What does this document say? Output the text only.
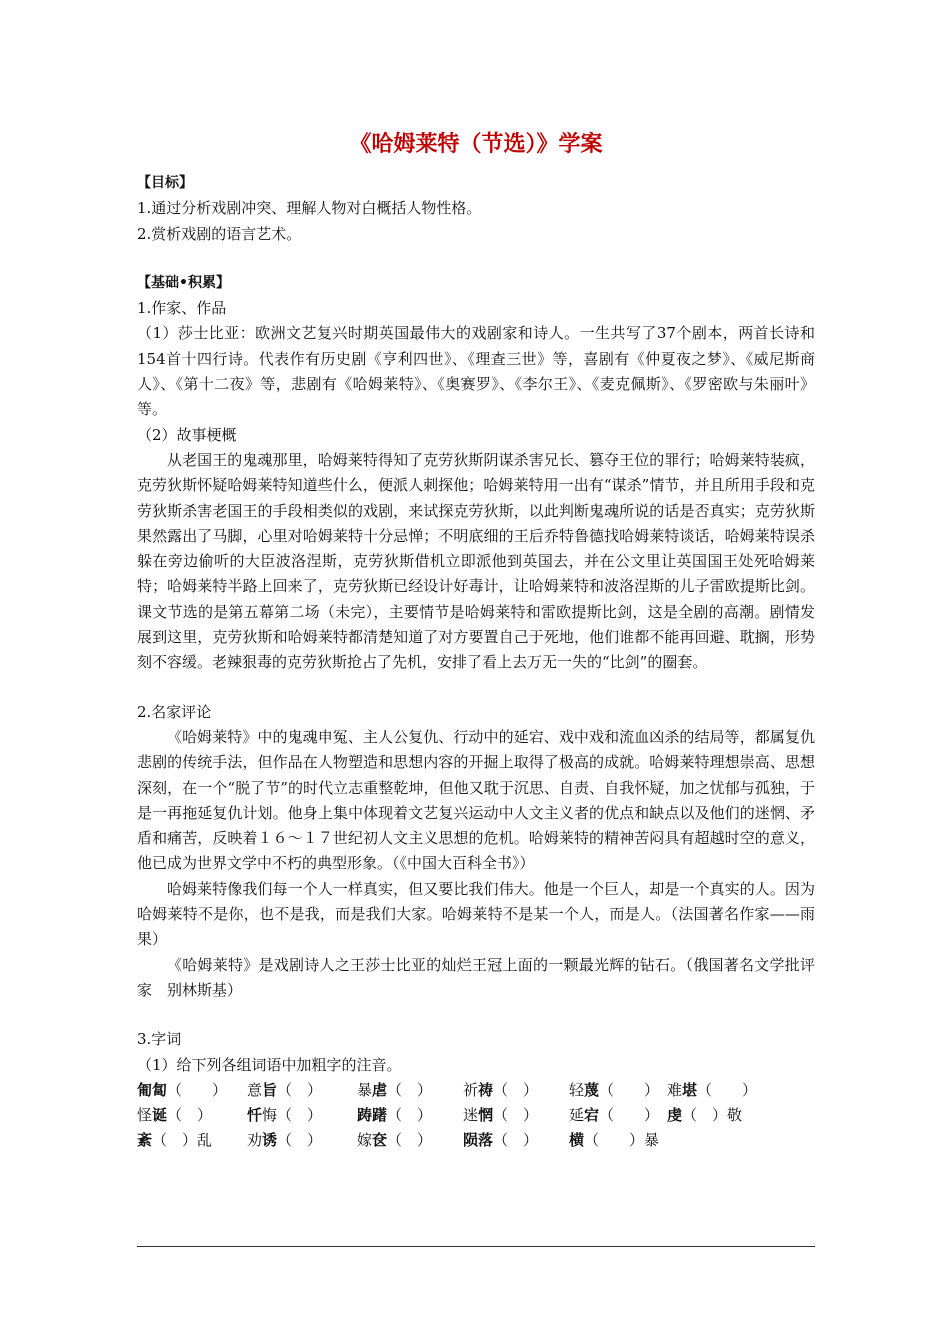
《哈姆莱特（节选）》学案
【目标】

1.通过分析戏剧冲突、理解人物对白概括人物性格。

2.赏析戏剧的语言艺术。

【基础•积累】

1.作家、作品

（1）莎士比亚：欧洲文艺复兴时期英国最伟大的戏剧家和诗人。一生共写了37个剧本，两首长诗和154首十四行诗。代表作有历史剧《亨利四世》、《理查三世》等，喜剧有《仲夏夜之梦》、《威尼斯商人》、《第十二夜》等，悲剧有《哈姆莱特》、《奥赛罗》、《李尔王》、《麦克佩斯》、《罗密欧与朱丽叶》等。

（2）故事梗概

从老国王的鬼魂那里，哈姆莱特得知了克劳狄斯阴谋杀害兄长、篡夺王位的罪行；哈姆莱特装疯，克劳狄斯怀疑哈姆莱特知道些什么，便派人刺探他；哈姆莱特用一出有“谋杀”情节，并且所用手段和克劳狄斯杀害老国王的手段相类似的戏剧，来试探克劳狄斯，以此判断鬼魂所说的话是否真实；克劳狄斯果然露出了马脚，心里对哈姆莱特十分忌惮；不明底细的王后乔特鲁德找哈姆莱特谈话，哈姆莱特误杀躲在旁边偷听的大臣波洛涅斯，克劳狄斯借机立即派他到英国去，并在公文里让英国国王处死哈姆莱特；哈姆莱特半路上回来了，克劳狄斯已经设计好毒计，让哈姆莱特和波洛涅斯的儿子雷欧提斯比剑。课文节选的是第五幕第二场（未完），主要情节是哈姆莱特和雷欧提斯比剑，这是全剧的高潮。剧情发展到这里，克劳狄斯和哈姆莱特都清楚知道了对方要置自己于死地，他们谁都不能再回避、耽搁，形势刻不容缓。老辣狠毒的克劳狄斯抢占了先机，安排了看上去万无一失的“比剑”的圈套。

2.名家评论

《哈姆莱特》中的鬼魂申冤、主人公复仇、行动中的延宕、戏中戏和流血凶杀的结局等，都属复仇悲剧的传统手法，但作品在人物塑造和思想内容的开掘上取得了极高的成就。哈姆莱特理想崇高、思想深刻，在一个“脱了节”的时代立志重整乾坤，但他又耽于沉思、自责、自我怀疑，加之忧郁与孤独，于是一再拖延复仇计划。他身上集中体现着文艺复兴运动中人文主义者的优点和缺点以及他们的迷惘、矛盾和痛苦，反映着１６～１７世纪初人文主义思想的危机。哈姆莱特的精神苦闷具有超越时空的意义，他已成为世界文学中不朽的典型形象。（《中国大百科全书》）

哈姆莱特像我们每一个人一样真实，但又要比我们伟大。他是一个巨人，却是一个真实的人。因为哈姆莱特不是你，也不是我，而是我们大家。哈姆莱特不是某一个人，而是人。（法国著名作家——雨果）

《哈姆莱特》是戏剧诗人之王莎士比亚的灿烂王冠上面的一颗最光辉的钻石。（俄国著名文学批评家　别林斯基）

3.字词

（1）给下列各组词语中加粗字的注音。

匍匐（　　）	意旨（　）	暴虐（　）	祈祷（　）	轻蔑（　　） 难堪（　　）
怪诞（　）	忏悔（　）	踌躇（　）	迷惘（　）	延宕（　　） 虔（　）敬
紊（　）乱	劝诱（　）	嫁奁（　）	陨落（　）	横（　　）暴
